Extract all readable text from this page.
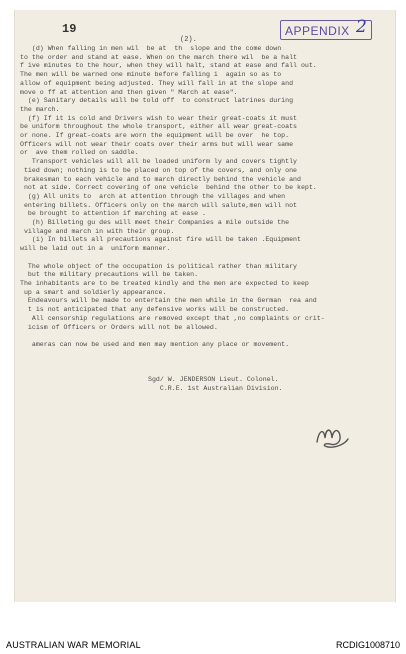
19
(2).
APPENDIX 2
(d) When falling in men wil  be at  th  slope and the come down
to the order and stand at ease. When on the march there wil  be a halt
f ive minutes to the hour, when they will halt, stand at ease and fall out.
The men will be warned one minute before falling i  again so as to
allow of equipment being adjusted. They will fall in at the slope and
move o ff at attention and then given " March at ease".
(e) Sanitary details will be told off  to construct latrines during
the march.
(f) If it is cold and Drivers wish to wear their great-coats it must
be uniform throughout the whole transport, either all wear great-coats
or none. If great-coats are worn the equipment will be over  he top.
Officers will not wear their coats over their arms but will wear same
or  ave them rolled on saddle.
Transport vehicles will all be loaded uniform ly and covers tightly
tied down; nothing is to be placed on top of the covers, and only one
brakesman to each vehicle and to march directly behind the vehicle and
not at side. Correct covering of one vehicle  behind the other to be kept.
(g) All units to  arch at attention through the villages and when
entering billets. Officers only on the march will salute,men will not
be brought to attention if marching at ease .
(h) Billeting gu des will meet their Companies a mile outside the
village and march in with their group.
(i) In billets all precautions against fire will be taken .Equipment
will be laid out in a  uniform manner.

The whole object of the occupation is political rather than military
but the military precautions will be taken.
The inhabitants are to be treated kindly and the men are expected to keep
up a smart and soldierly appearance.
Endeavours will be made to entertain the men while in the German  rea and
t is not anticipated that any defensive works will be constructed.
All censorship regulations are removed except that ,no complaints or crit-
icism of Officers or Orders will not be allowed.

ameras can now be used and men may mention any place or movement.
Sgd/ W. JENDERSON Lieut. Colonel.
C.R.E. 1st Australian Division.
AUSTRALIAN WAR MEMORIAL	RCDIG1008710
